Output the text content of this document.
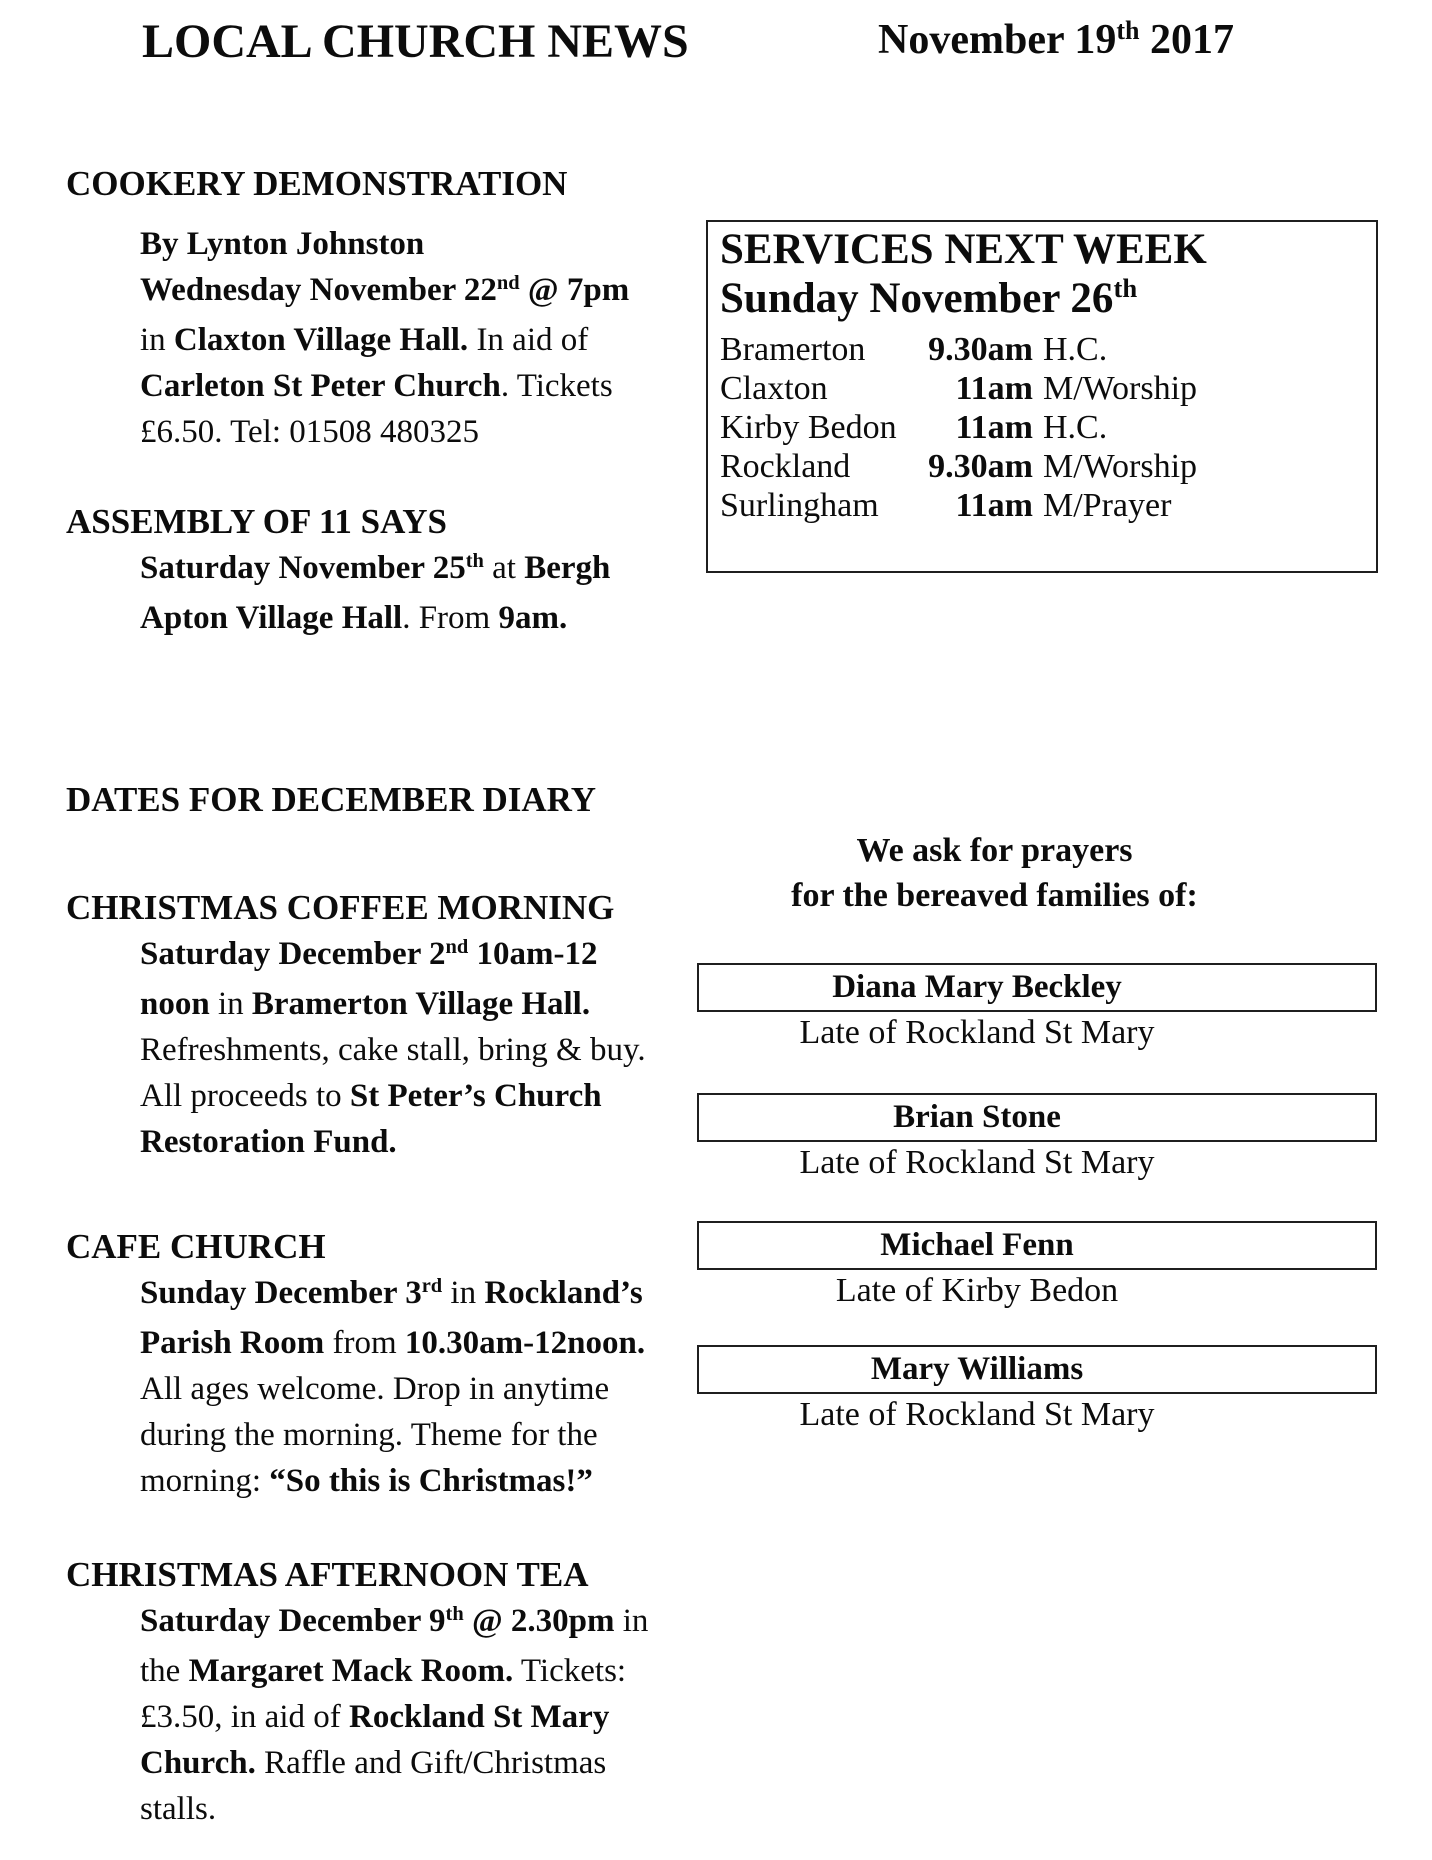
LOCAL CHURCH NEWS	November 19th 2017
COOKERY DEMONSTRATION
By Lynton Johnston
Wednesday November 22nd @ 7pm
in Claxton Village Hall. In aid of
Carleton St Peter Church. Tickets
£6.50. Tel: 01508 480325
ASSEMBLY OF 11 SAYS
Saturday November 25th at Bergh
Apton Village Hall. From 9am.
DATES FOR DECEMBER DIARY
CHRISTMAS COFFEE MORNING
Saturday December 2nd 10am-12
noon in Bramerton Village Hall.
Refreshments, cake stall, bring & buy.
All proceeds to St Peter’s Church
Restoration Fund.
CAFE CHURCH
Sunday December 3rd in Rockland’s
Parish Room from 10.30am-12noon.
All ages welcome. Drop in anytime
during the morning. Theme for the
morning: “So this is Christmas!”
CHRISTMAS AFTERNOON TEA
Saturday December 9th @ 2.30pm in
the Margaret Mack Room. Tickets:
£3.50, in aid of Rockland St Mary
Church. Raffle and Gift/Christmas
stalls.
SERVICES NEXT WEEK
Sunday November 26th
Bramerton 9.30am H.C.
Claxton	11am M/Worship
Kirby Bedon 11am H.C.
Rockland 9.30am M/Worship
Surlingham 11am M/Prayer
We ask for prayers
for the bereaved families of:
Diana Mary Beckley
Late of Rockland St Mary
Brian Stone
Late of Rockland St Mary
Michael Fenn
Late of Kirby Bedon
Mary Williams
Late of Rockland St Mary
